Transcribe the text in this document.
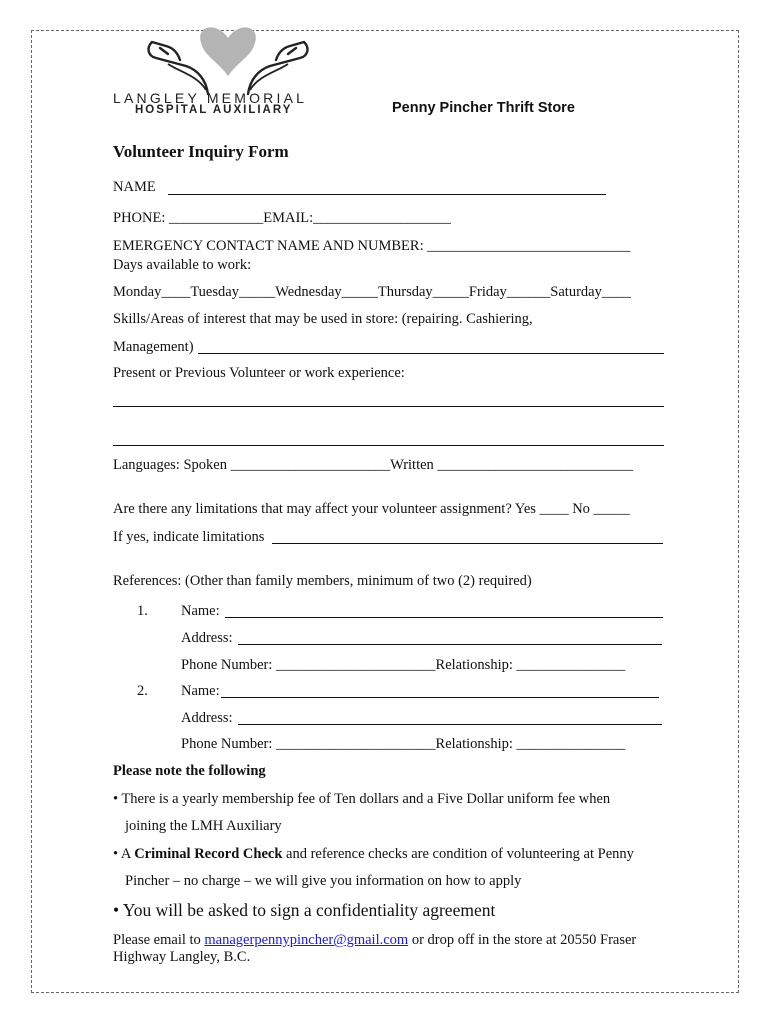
LANGLEY MEMORIAL
HOSPITAL AUXILIARY	Penny Pincher Thrift Store
Volunteer Inquiry Form
NAME
PHONE: _____________EMAIL:___________________
EMERGENCY CONTACT NAME AND NUMBER: ____________________________
Days available to work:
Monday____Tuesday_____Wednesday_____Thursday_____Friday______Saturday____
Skills/Areas of interest that may be used in store: (repairing. Cashiering,
Management)
Present or Previous Volunteer or work experience:
Languages: Spoken ______________________Written ___________________________
Are there any limitations that may affect your volunteer assignment? Yes ____ No _____
If yes, indicate limitations
References: (Other than family members, minimum of two (2) required)
1. Name:
Address:
Phone Number: ______________________Relationship: _______________
2. Name:
Address:
Phone Number: ______________________Relationship: _______________
Please note the following
• There is a yearly membership fee of Ten dollars and a Five Dollar uniform fee when
joining the LMH Auxiliary
• A Criminal Record Check and reference checks are condition of volunteering at Penny
Pincher – no charge – we will give you information on how to apply
• You will be asked to sign a confidentiality agreement
Please email to managerpennypincher@gmail.com or drop off in the store at 20550 Fraser
Highway Langley, B.C.
